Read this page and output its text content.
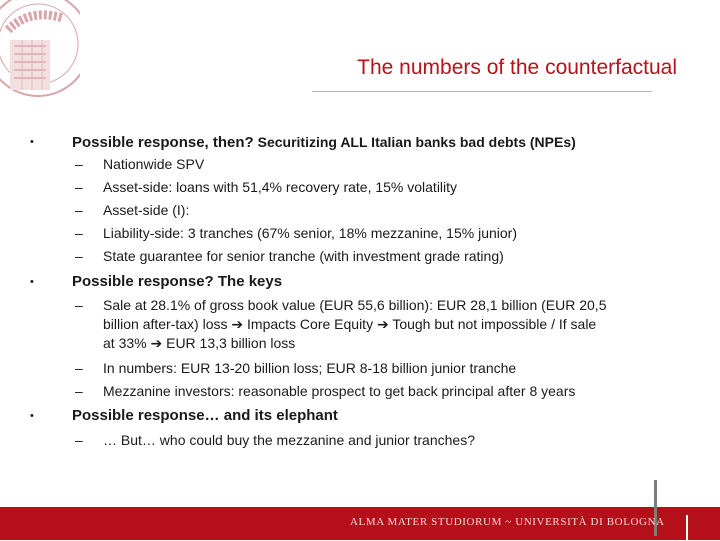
The numbers of the counterfactual
•	Possible response, then? Securitizing ALL Italian banks bad debts (NPEs)
– Nationwide SPV
– Asset-side: loans with 51,4% recovery rate, 15% volatility
– Asset-side (I):
– Liability-side: 3 tranches (67% senior, 18% mezzanine, 15% junior)
– State guarantee for senior tranche (with investment grade rating)
•	Possible response? The keys
– Sale at 28.1% of gross book value (EUR 55,6 billion): EUR 28,1 billion (EUR 20,5
billion after-tax) loss ➔ Impacts Core Equity ➔ Tough but not impossible / If sale
at 33% ➔ EUR 13,3 billion loss
– In numbers: EUR 13-20 billion loss; EUR 8-18 billion junior tranche
– Mezzanine investors: reasonable prospect to get back principal after 8 years
•	Possible response… and its elephant
– … But… who could buy the mezzanine and junior tranches?
ALMA MATER STUDIORUM ~ UNIVERSITÀ DI BOLOGNA
